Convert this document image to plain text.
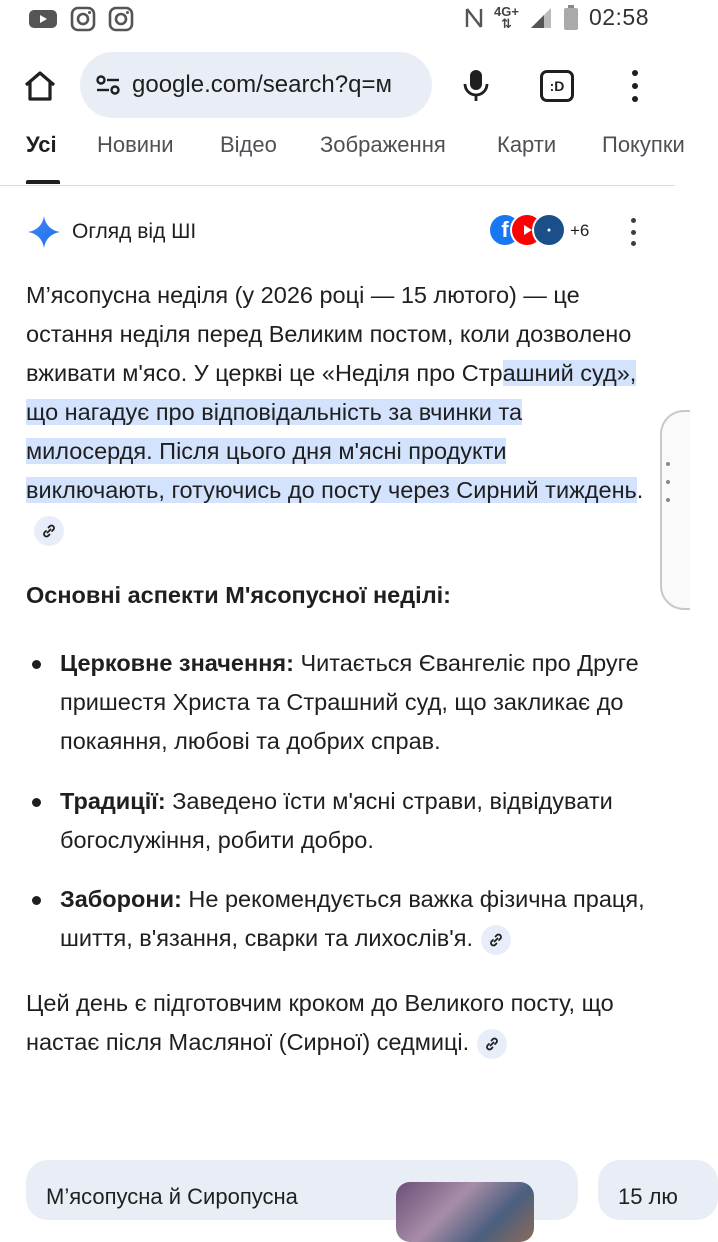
4G+
⇅	02:58
google.com/search?q=м	:D
Усі Новини Відео Зображення Карти Покупки
Огляд від ШІ	f	●	+6
М’ясопусна неділя (у 2026 році — 15 лютого) — це остання неділя перед Великим постом, коли дозволено вживати м'ясо. У церкві це «Неділя про Страшний суд», що нагадує про відповідальність за вчинки та милосердя. Після цього дня м'ясні продукти виключають, готуючись до посту через Сирний тиждень.
Основні аспекти М'ясопусної неділі:
Церковне значення: Читається Євангеліє про Друге пришестя Христа та Страшний суд, що закликає до покаяння, любові та добрих справ.
Традиції: Заведено їсти м'ясні страви, відвідувати богослужіння, робити добро.
Заборони: Не рекомендується важка фізична праця, шиття, в'язання, сварки та лихослів'я.
Цей день є підготовчим кроком до Великого посту, що настає після Масляної (Сирної) седмиці.
М’ясопусна й Сиропусна	15 лю
